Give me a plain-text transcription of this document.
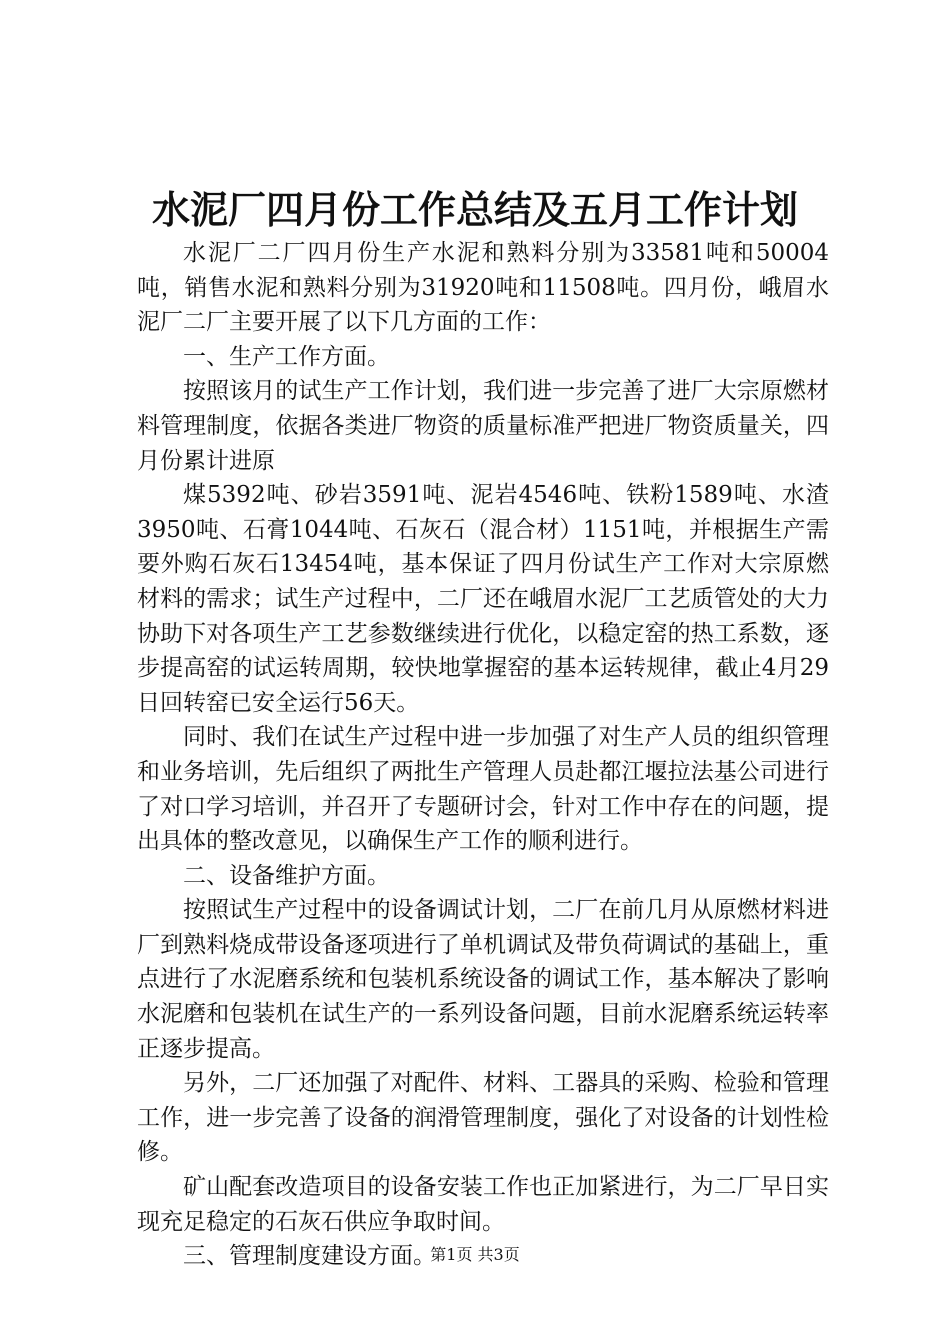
水泥厂四月份工作总结及五月工作计划

水泥厂二厂四月份生产水泥和熟料分别为33581吨和50004吨，销售水泥和熟料分别为31920吨和11508吨。四月份，峨眉水泥厂二厂主要开展了以下几方面的工作：

一、生产工作方面。

按照该月的试生产工作计划，我们进一步完善了进厂大宗原燃材料管理制度，依据各类进厂物资的质量标准严把进厂物资质量关，四月份累计进原

煤5392吨、砂岩3591吨、泥岩4546吨、铁粉1589吨、水渣3950吨、石膏1044吨、石灰石（混合材）1151吨，并根据生产需要外购石灰石13454吨，基本保证了四月份试生产工作对大宗原燃材料的需求；试生产过程中，二厂还在峨眉水泥厂工艺质管处的大力协助下对各项生产工艺参数继续进行优化，以稳定窑的热工系数，逐步提高窑的试运转周期，较快地掌握窑的基本运转规律，截止4月29日回转窑已安全运行56天。

同时、我们在试生产过程中进一步加强了对生产人员的组织管理和业务培训，先后组织了两批生产管理人员赴都江堰拉法基公司进行了对口学习培训，并召开了专题研讨会，针对工作中存在的问题，提出具体的整改意见，以确保生产工作的顺利进行。

二、设备维护方面。

按照试生产过程中的设备调试计划，二厂在前几月从原燃材料进厂到熟料烧成带设备逐项进行了单机调试及带负荷调试的基础上，重点进行了水泥磨系统和包装机系统设备的调试工作，基本解决了影响水泥磨和包装机在试生产的一系列设备问题，目前水泥磨系统运转率正逐步提高。

另外，二厂还加强了对配件、材料、工器具的采购、检验和管理工作，进一步完善了设备的润滑管理制度，强化了对设备的计划性检修。

矿山配套改造项目的设备安装工作也正加紧进行，为二厂早日实现充足稳定的石灰石供应争取时间。

三、管理制度建设方面。

第1页 共3页
